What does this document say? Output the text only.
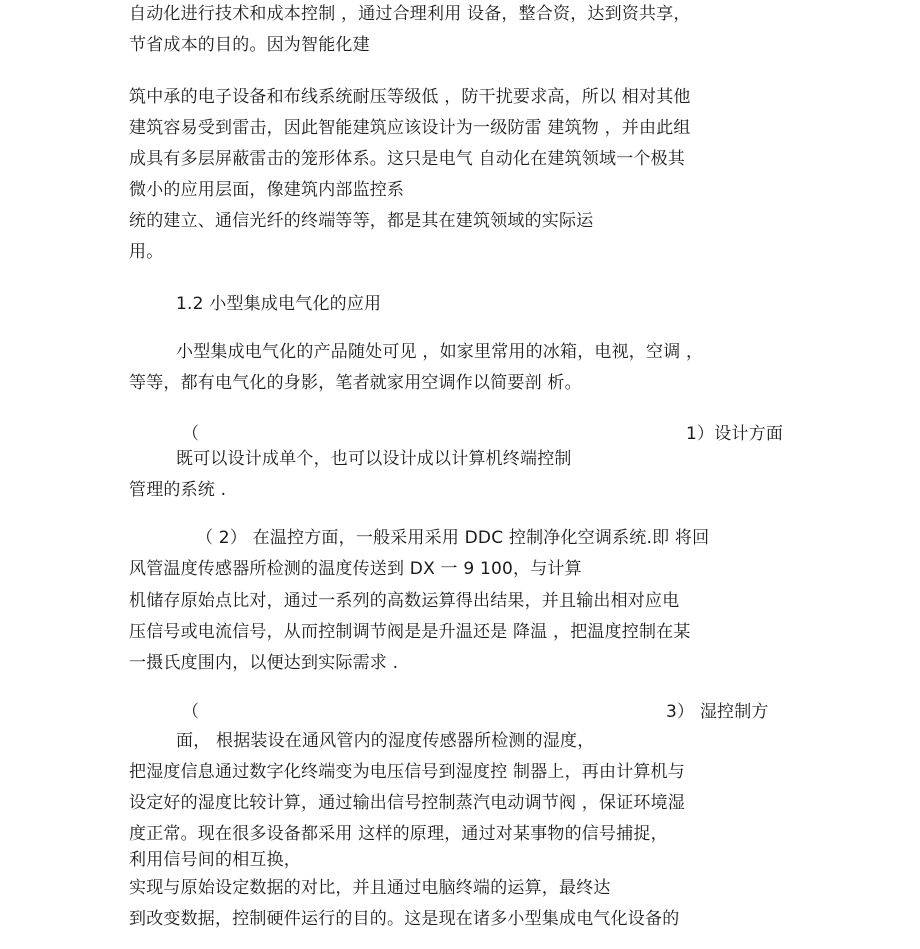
自动化进行技术和成本控制 ，通过合理利用 设备，整合资，达到资共享，

节省成本的目的。因为智能化建

筑中承的电子设备和布线系统耐压等级低 ，防干扰要求高，所以 相对其他

建筑容易受到雷击，因此智能建筑应该设计为一级防雷 建筑物 ，并由此组

成具有多层屏蔽雷击的笼形体系。这只是电气 自动化在建筑领域一个极其

微小的应用层面，像建筑内部监控系

统的建立、通信光纤的终端等等，都是其在建筑领域的实际运

用。

1.2 小型集成电气化的应用

小型集成电气化的产品随处可见 ，如家里常用的冰箱，电视，空调 ，

等等，都有电气化的身影，笔者就家用空调作以简要剖 析。

（	1）设计方面

既可以设计成单个，也可以设计成以计算机终端控制

管理的系统 .

（ 2） 在温控方面，一般采用采用 DDC 控制净化空调系统.即 将回

风管温度传感器所检测的温度传送到 DX 一 9 100，与计算

机储存原始点比对，通过一系列的高数运算得出结果，并且输出相对应电

压信号或电流信号，从而控制调节阀是是升温还是 降温 ，把温度控制在某

一摄氏度围内，以便达到实际需求 .

（	3） 湿控制方

面， 根据装设在通风管内的湿度传感器所检测的湿度，

把湿度信息通过数字化终端变为电压信号到湿度控 制器上，再由计算机与

设定好的湿度比较计算，通过输出信号控制蒸汽电动调节阀 ，保证环境湿

度正常。现在很多设备都采用 这样的原理，通过对某事物的信号捕捉，

利用信号间的相互换，

实现与原始设定数据的对比，并且通过电脑终端的运算，最终达

到改变数据，控制硬件运行的目的。这是现在诸多小型集成电气化设备的
